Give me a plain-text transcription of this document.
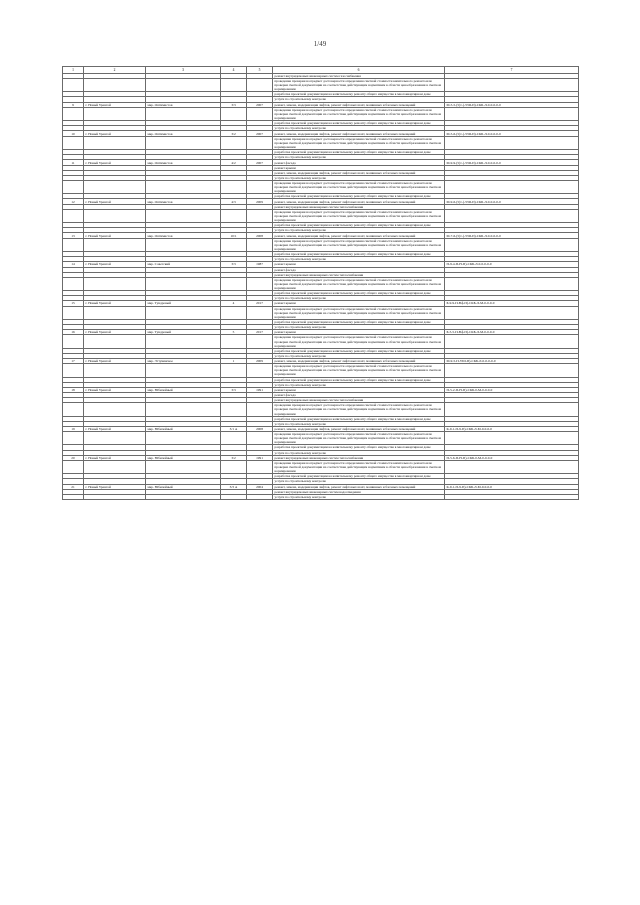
1/49
1	2	3	4	5	6	7
					ремонт внутридомовых инженерных систем газоснабжения	
					проведение проверки на предмет достоверности определения сметной стоимости капитального ремонта или проверки сметной документации на соответствие действующим нормативам в области ценообразования в сметном нормировании	
					разработка проектной документации на капитальному ремонту общего имущества в многоквартирном доме	
					услуги по строительному контролю	
9	г. Новый Уренгой	мкр. Оптимистов	3/3	2007	ремонт, замена, модернизация лифтов, ремонт лифтовых шахт, машинных и блочных помещений	М-5-5-(5)т-(-УШ-П)-СКБ-Л-0-0-0-0-0
					проведение проверки на предмет достоверности определения сметной стоимости капитального ремонта или проверки сметной документации на соответствие действующим нормативам в области ценообразования в сметном нормировании	
					разработка проектной документации на капитальному ремонту общего имущества в многоквартирном доме	
					услуги по строительному контролю	
10	г. Новый Уренгой	мкр. Оптимистов	3/2	2007	ремонт, замена, модернизация лифтов, ремонт лифтовых шахт, машинных и блочных помещений	М-5-6-(5)т-(-УШ-П)-СКБ-Л-0-0-0-0-0
					проведение проверки на предмет достоверности определения сметной стоимости капитального ремонта или проверки сметной документации на соответствие действующим нормативам в области ценообразования в сметном нормировании	
					разработка проектной документации на капитальному ремонту общего имущества в многоквартирном доме	
					услуги по строительному контролю	
11	г. Новый Уренгой	мкр. Оптимистов	4/2	2007	ремонт фасада	М-9-9-(5)т-(-УШ-П)-СКБ-Л-0-0-0-0-0
					ремонт крыши	
					ремонт, замена, модернизация лифтов, ремонт лифтовых шахт, машинных и блочных помещений	
					услуги по строительному контролю	
					проведение проверки на предмет достоверности определения сметной стоимости капитального ремонта или проверки сметной документации на соответствие действующим нормативам в области ценообразования в сметном нормировании	
					разработка проектной документации на капитальному ремонту общего имущества в многоквартирном доме	
12	г. Новый Уренгой	мкр. Оптимистов	4/3	2009	ремонт, замена, модернизация лифтов, ремонт лифтовых шахт, машинных и блочных помещений	М-9-6-(5)т-(-УШ-П)-СКБ-Л-0-0-0-0-0
					ремонт внутридомовых инженерных систем теплоснабжения	
					проведение проверки на предмет достоверности определения сметной стоимости капитального ремонта или проверки сметной документации на соответствие действующим нормативам в области ценообразования в сметном нормировании	
					разработка проектной документации на капитальному ремонту общего имущества в многоквартирном доме	
					услуги по строительному контролю	
13	г. Новый Уренгой	мкр. Оптимистов	10/1	2008	ремонт, замена, модернизация лифтов, ремонт лифтовых шахт, машинных и блочных помещений	М-7-6-(5)т-(-УШ-П)-СКБ-Л-0-0-0-0-0
					проведение проверки на предмет достоверности определения сметной стоимости капитального ремонта или проверки сметной документации на соответствие действующим нормативам в области ценообразования в сметном нормировании	
					разработка проектной документации на капитальному ремонту общего имущества в многоквартирном доме	
					услуги по строительному контролю	
14	г. Новый Уренгой	мкр. Советский	3/3	1987	ремонт крыши	П-9-4-П-Н-П)-СКБ-Л-0-0-0-0-0
					ремонт фасада	
					ремонт внутридомовых инженерных систем теплоснабжения	
					проведение проверки на предмет достоверности определения сметной стоимости капитального ремонта или проверки сметной документации на соответствие действующим нормативам в области ценообразования в сметном нормировании	
					разработка проектной документации на капитальному ремонту общего имущества в многоквартирном доме	
					услуги по строительному контролю	
15	г. Новый Уренгой	мкр. Тундровый	4	2017	ремонт крыши	Б-9-9-П-Вф-П)-СКБ-Л-М-0-0-0-0
					проведение проверки на предмет достоверности определения сметной стоимости капитального ремонта или проверки сметной документации на соответствие действующим нормативам в области ценообразования в сметном нормировании	
					разработка проектной документации на капитальному ремонту общего имущества в многоквартирном доме	
					услуги по строительному контролю	
16	г. Новый Уренгой	мкр. Тундровый	5	2017	ремонт крыши	Б-5-5-П-Вф-П)-СКБ-Л-М-0-0-0-0
					проведение проверки на предмет достоверности определения сметной стоимости капитального ремонта или проверки сметной документации на соответствие действующим нормативам в области ценообразования в сметном нормировании	
					разработка проектной документации на капитальному ремонту общего имущества в многоквартирном доме	
					услуги по строительному контролю	
17	г. Новый Уренгой	мкр. Эгтувинское	1	2009	ремонт, замена, модернизация лифтов, ремонт лифтовых шахт, машинных и блочных помещений	М-9-5-П-УШ-П)-СКБ-Л-0-0-0-0-0
					проведение проверки на предмет достоверности определения сметной стоимости капитального ремонта или проверки сметной документации на соответствие действующим нормативам в области ценообразования в сметном нормировании	
					разработка проектной документации на капитальному ремонту общего имущества в многоквартирном доме	
					услуги по строительному контролю	
18	г. Новый Уренгой	мкр. Юбилейный	3/3	1991	ремонт крыши	П-5-2-П-Н-П)-СКБ-0-М-0-0-0-0
					ремонт фасада	
					ремонт внутридомовых инженерных систем теплоснабжения	
					проведение проверки на предмет достоверности определения сметной стоимости капитального ремонта или проверки сметной документации на соответствие действующим нормативам в области ценообразования в сметном нормировании	
					разработка проектной документации на капитальному ремонту общего имущества в многоквартирном доме	
					услуги по строительному контролю	
19	г. Новый Уренгой	мкр. Юбилейный	3/1 А	2008	ремонт, замена, модернизация лифтов, ремонт лифтовых шахт, машинных и блочных помещений	К-9-1-П-9-П)-СКБ-Л-М-0-0-0-0
					проведение проверки на предмет достоверности определения сметной стоимости капитального ремонта или проверки сметной документации на соответствие действующим нормативам в области ценообразования в сметном нормировании	
					разработка проектной документации на капитальному ремонту общего имущества в многоквартирном доме	
					услуги по строительному контролю	
20	г. Новый Уренгой	мкр. Юбилейный	3/2	1991	ремонт внутридомовых инженерных систем теплоснабжения	П-5-6-П-Н-П)-СКБ-0-М-0-0-0-0
					проведение проверки на предмет достоверности определения сметной стоимости капитального ремонта или проверки сметной документации на соответствие действующим нормативам в области ценообразования в сметном нормировании	
					разработка проектной документации на капитальному ремонту общего имущества в многоквартирном доме	
					услуги по строительному контролю	
21	г. Новый Уренгой	мкр. Юбилейный	3/3 А	2004	ремонт, замена, модернизация лифтов, ремонт лифтовых шахт, машинных и блочных помещений	К-9-1-П-9-П)-СКБ-Л-М-0-0-0-0
					ремонт внутридомовых инженерных систем водоотведения	
					услуги по строительному контролю	
